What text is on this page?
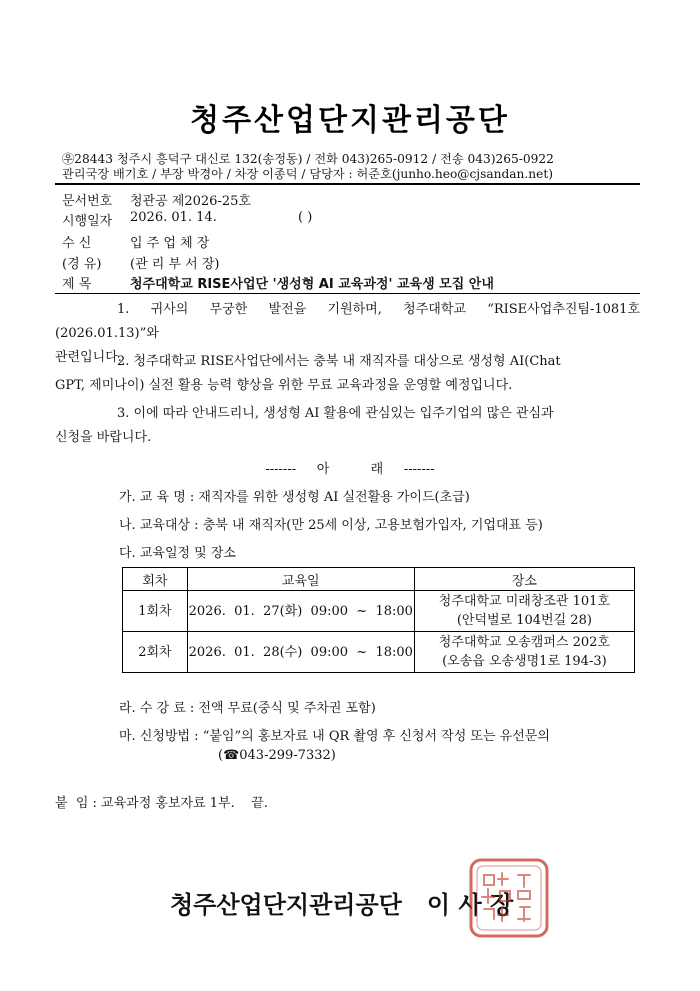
청주산업단지관리공단
㉾28443 청주시 흥덕구 대신로 132(송정동) / 전화 043)265-0912 / 전송 043)265-0922
관리국장 배기호 / 부장 박경아 / 차장 이종덕 / 담당자 : 허준호(junho.heo@cjsandan.net)
문서번호 청관공 제2026-25호
시행일자 2026. 01. 14.	( )
수 신	입 주 업 체 장
(경 유) (관 리 부 서 장)
제 목	청주대학교 RISE사업단 '생성형 AI 교육과정' 교육생 모집 안내
1. 귀사의 무궁한 발전을 기원하며, 청주대학교 “RISE사업추진팀-1081호(2026.01.13)”와
관련입니다.
2. 청주대학교 RISE사업단에서는 충북 내 재직자를 대상으로 생성형 AI(Chat
GPT, 제미나이) 실전 활용 능력 향상을 위한 무료 교육과정을 운영할 예정입니다.
3. 이에 따라 안내드리니, 생성형 AI 활용에 관심있는 입주기업의 많은 관심과
신청을 바랍니다.
-------     아          래     -------
가. 교 육 명 : 재직자를 위한 생성형 AI 실전활용 가이드(초급)
나. 교육대상 : 충북 내 재직자(만 25세 이상, 고용보험가입자, 기업대표 등)
다. 교육일정 및 장소
회차	교육일	장소
1회차	2026.  01.  27(화)  09:00  ~  18:00	청주대학교 미래창조관 101호
(안덕벌로 104번길 28)

2회차	2026.  01.  28(수)  09:00  ~  18:00	청주대학교 오송캠퍼스 202호
(오송읍 오송생명1로 194-3)
라. 수 강 료 : 전액 무료(중식 및 주차권 포함)
마. 신청방법 : “붙임”의 홍보자료 내 QR 촬영 후 신청서 작성 또는 유선문의
(☎043-299-7332)
붙  임 : 교육과정 홍보자료 1부.    끝.
청주산업단지관리공단   이 사 장
